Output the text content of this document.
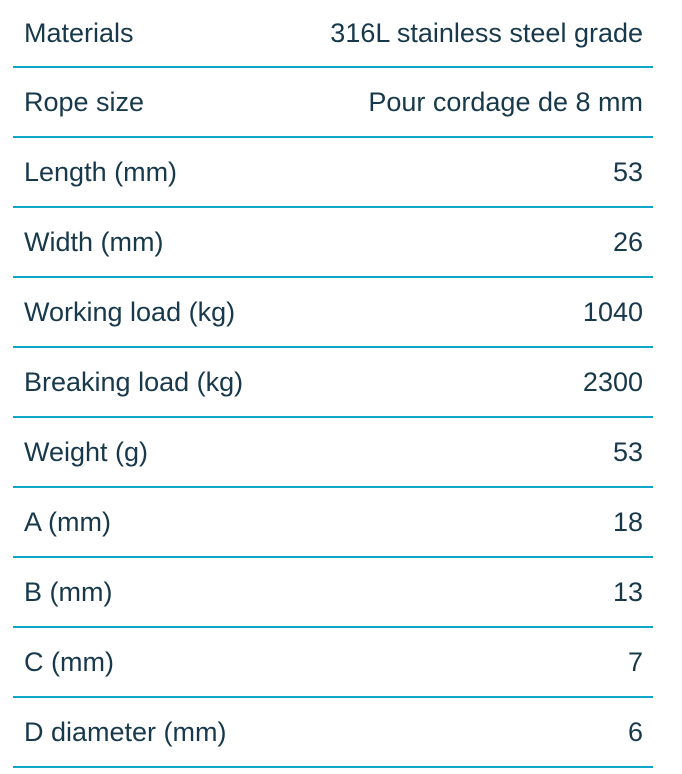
Materials	316L stainless steel grade
Rope size	Pour cordage de 8 mm
Length (mm)	53
Width (mm)	26
Working load (kg)	1040
Breaking load (kg)	2300
Weight (g)	53
A (mm)	18
B (mm)	13
C (mm)	7
D diameter (mm)	6
